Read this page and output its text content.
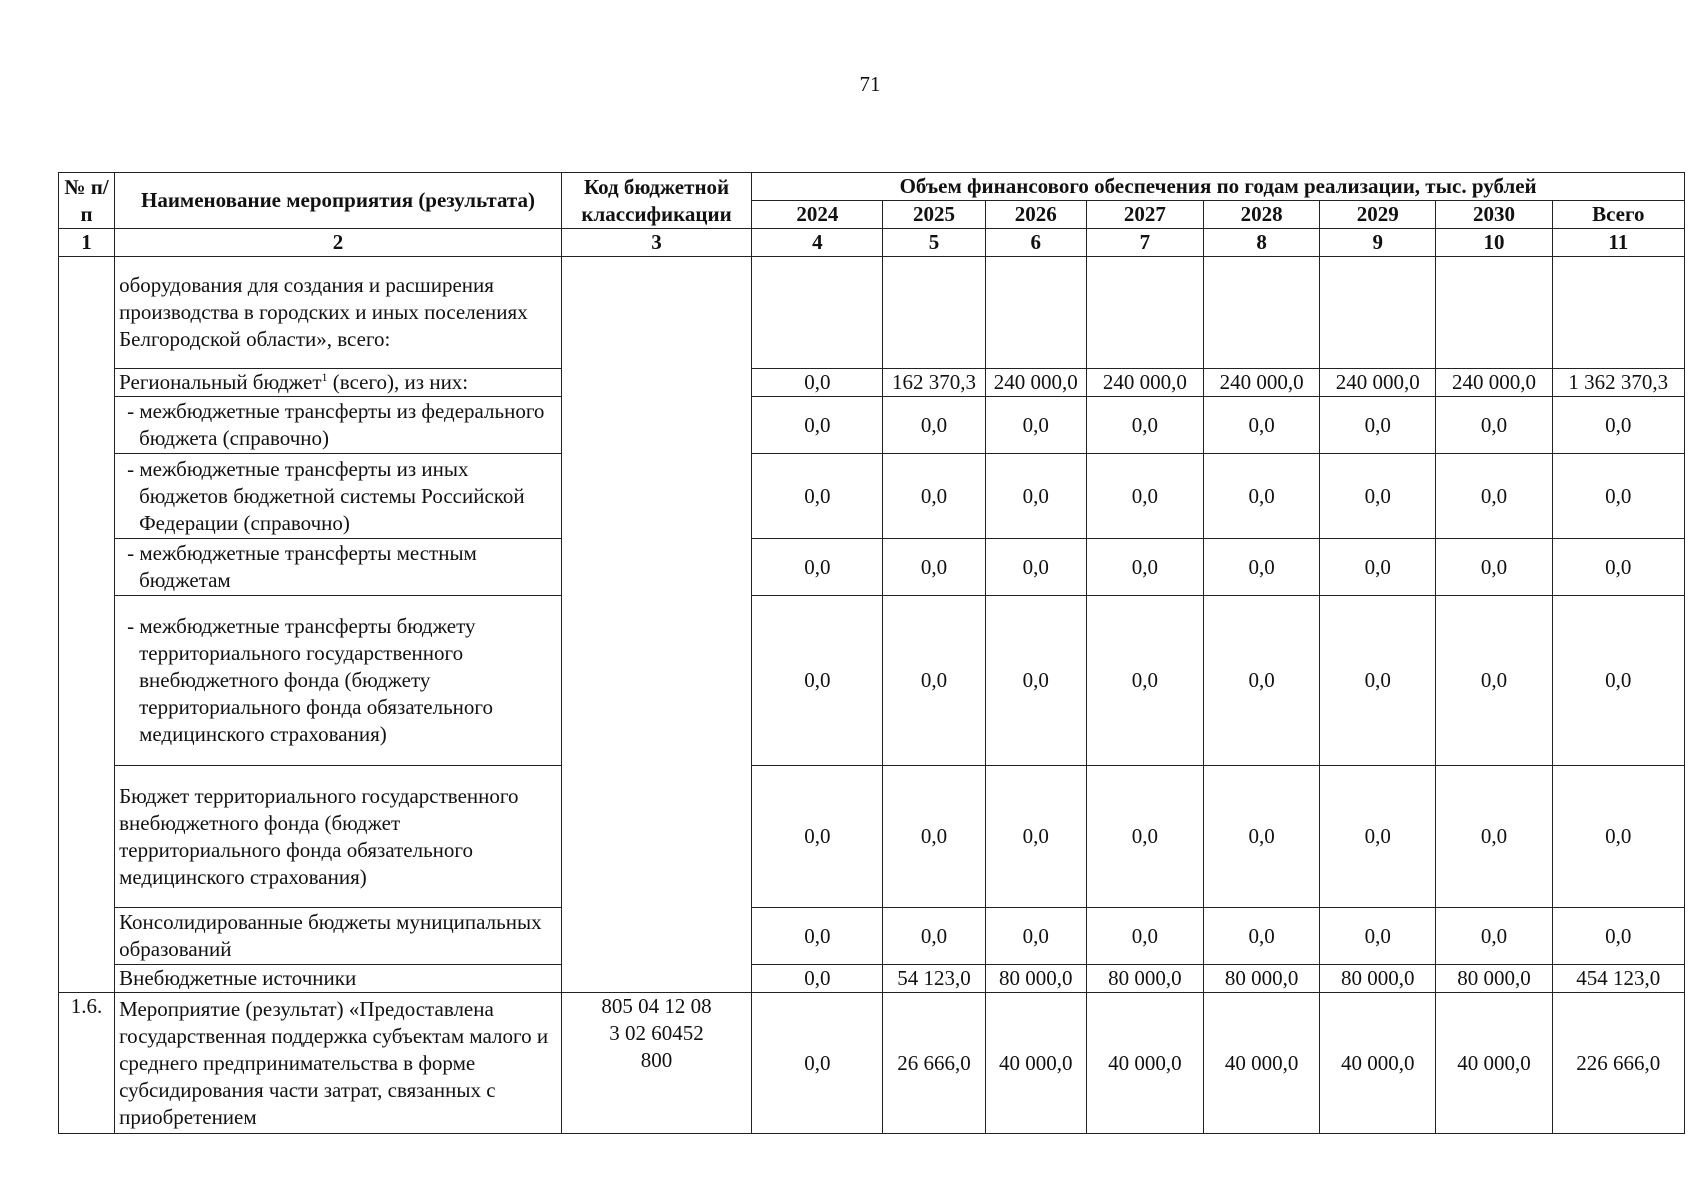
71
№ п/п	Наименование мероприятия (результата)	Код бюджетной классификации	Объем финансового обеспечения по годам реализации, тыс. рублей							
			2024	2025	2026	2027	2028	2029	2030	Всего
1	2	3	4	5	6	7	8	9	10	11
	оборудования для создания и расширения производства в городских и иных поселениях Белгородской области», всего:									
	Региональный бюджет$^1$ (всего), из них:		0,0	162 370,3	240 000,0	240 000,0	240 000,0	240 000,0	240 000,0	1 362 370,3
	- межбюджетные трансферты из федерального бюджета (справочно)		0,0	0,0	0,0	0,0	0,0	0,0	0,0	0,0
	- межбюджетные трансферты из иных бюджетов бюджетной системы Российской Федерации (справочно)		0,0	0,0	0,0	0,0	0,0	0,0	0,0	0,0
	- межбюджетные трансферты местным бюджетам		0,0	0,0	0,0	0,0	0,0	0,0	0,0	0,0
	- межбюджетные трансферты бюджету территориального государственного внебюджетного фонда (бюджету территориального фонда обязательного медицинского страхования)		0,0	0,0	0,0	0,0	0,0	0,0	0,0	0,0
	Бюджет территориального государственного внебюджетного фонда (бюджет территориального фонда обязательного медицинского страхования)		0,0	0,0	0,0	0,0	0,0	0,0	0,0	0,0
	Консолидированные бюджеты муниципальных образований		0,0	0,0	0,0	0,0	0,0	0,0	0,0	0,0
	Внебюджетные источники		0,0	54 123,0	80 000,0	80 000,0	80 000,0	80 000,0	80 000,0	454 123,0
1.6.	Мероприятие (результат) «Предоставлена государственная поддержка субъектам малого и среднего предпринимательства в форме субсидирования части затрат, связанных с приобретением	805 04 12 08 3 02 60452 800	0,0	26 666,0	40 000,0	40 000,0	40 000,0	40 000,0	40 000,0	226 666,0
